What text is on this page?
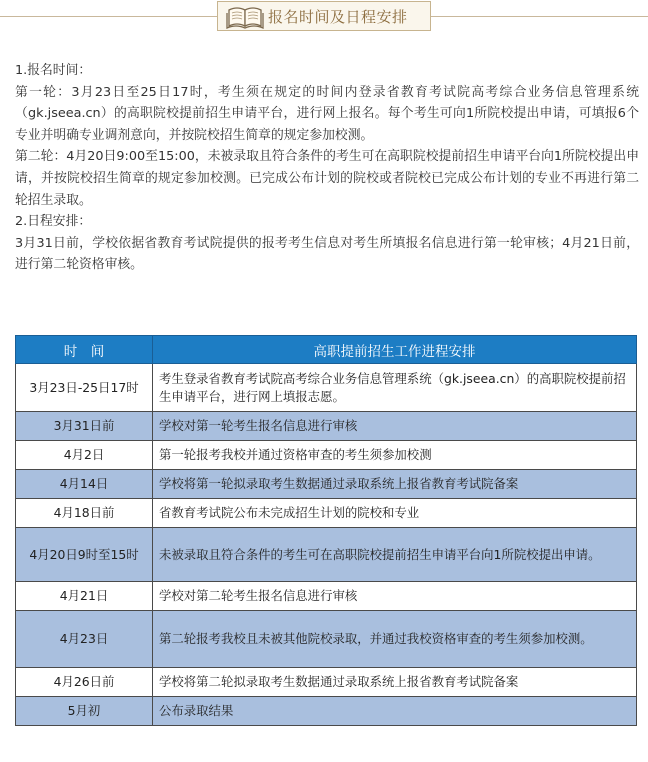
报名时间及日程安排

1.报名时间：

第一轮：3月23日至25日17时，考生须在规定的时间内登录省教育考试院高考综合业务信息管理系统（gk.jseea.cn）的高职院校提前招生申请平台，进行网上报名。每个考生可向1所院校提出申请，可填报6个专业并明确专业调剂意向，并按院校招生简章的规定参加校测。

第二轮：4月20日9:00至15:00，未被录取且符合条件的考生可在高职院校提前招生申请平台向1所院校提出申请，并按院校招生简章的规定参加校测。已完成公布计划的院校或者院校已完成公布计划的专业不再进行第二轮招生录取。

2.日程安排：

3月31日前，学校依据省教育考试院提供的报考考生信息对考生所填报名信息进行第一轮审核；4月21日前，进行第二轮资格审核。

时　间	高职提前招生工作进程安排
3月23日-25日17时	考生登录省教育考试院高考综合业务信息管理系统（gk.jseea.cn）的高职院校提前招生申请平台，进行网上填报志愿。
3月31日前	学校对第一轮考生报名信息进行审核
4月2日	第一轮报考我校并通过资格审查的考生须参加校测
4月14日	学校将第一轮拟录取考生数据通过录取系统上报省教育考试院备案
4月18日前	省教育考试院公布未完成招生计划的院校和专业
4月20日9时至15时	未被录取且符合条件的考生可在高职院校提前招生申请平台向1所院校提出申请。
4月21日	学校对第二轮考生报名信息进行审核
4月23日	第二轮报考我校且未被其他院校录取，并通过我校资格审查的考生须参加校测。
4月26日前	学校将第二轮拟录取考生数据通过录取系统上报省教育考试院备案
5月初	公布录取结果
